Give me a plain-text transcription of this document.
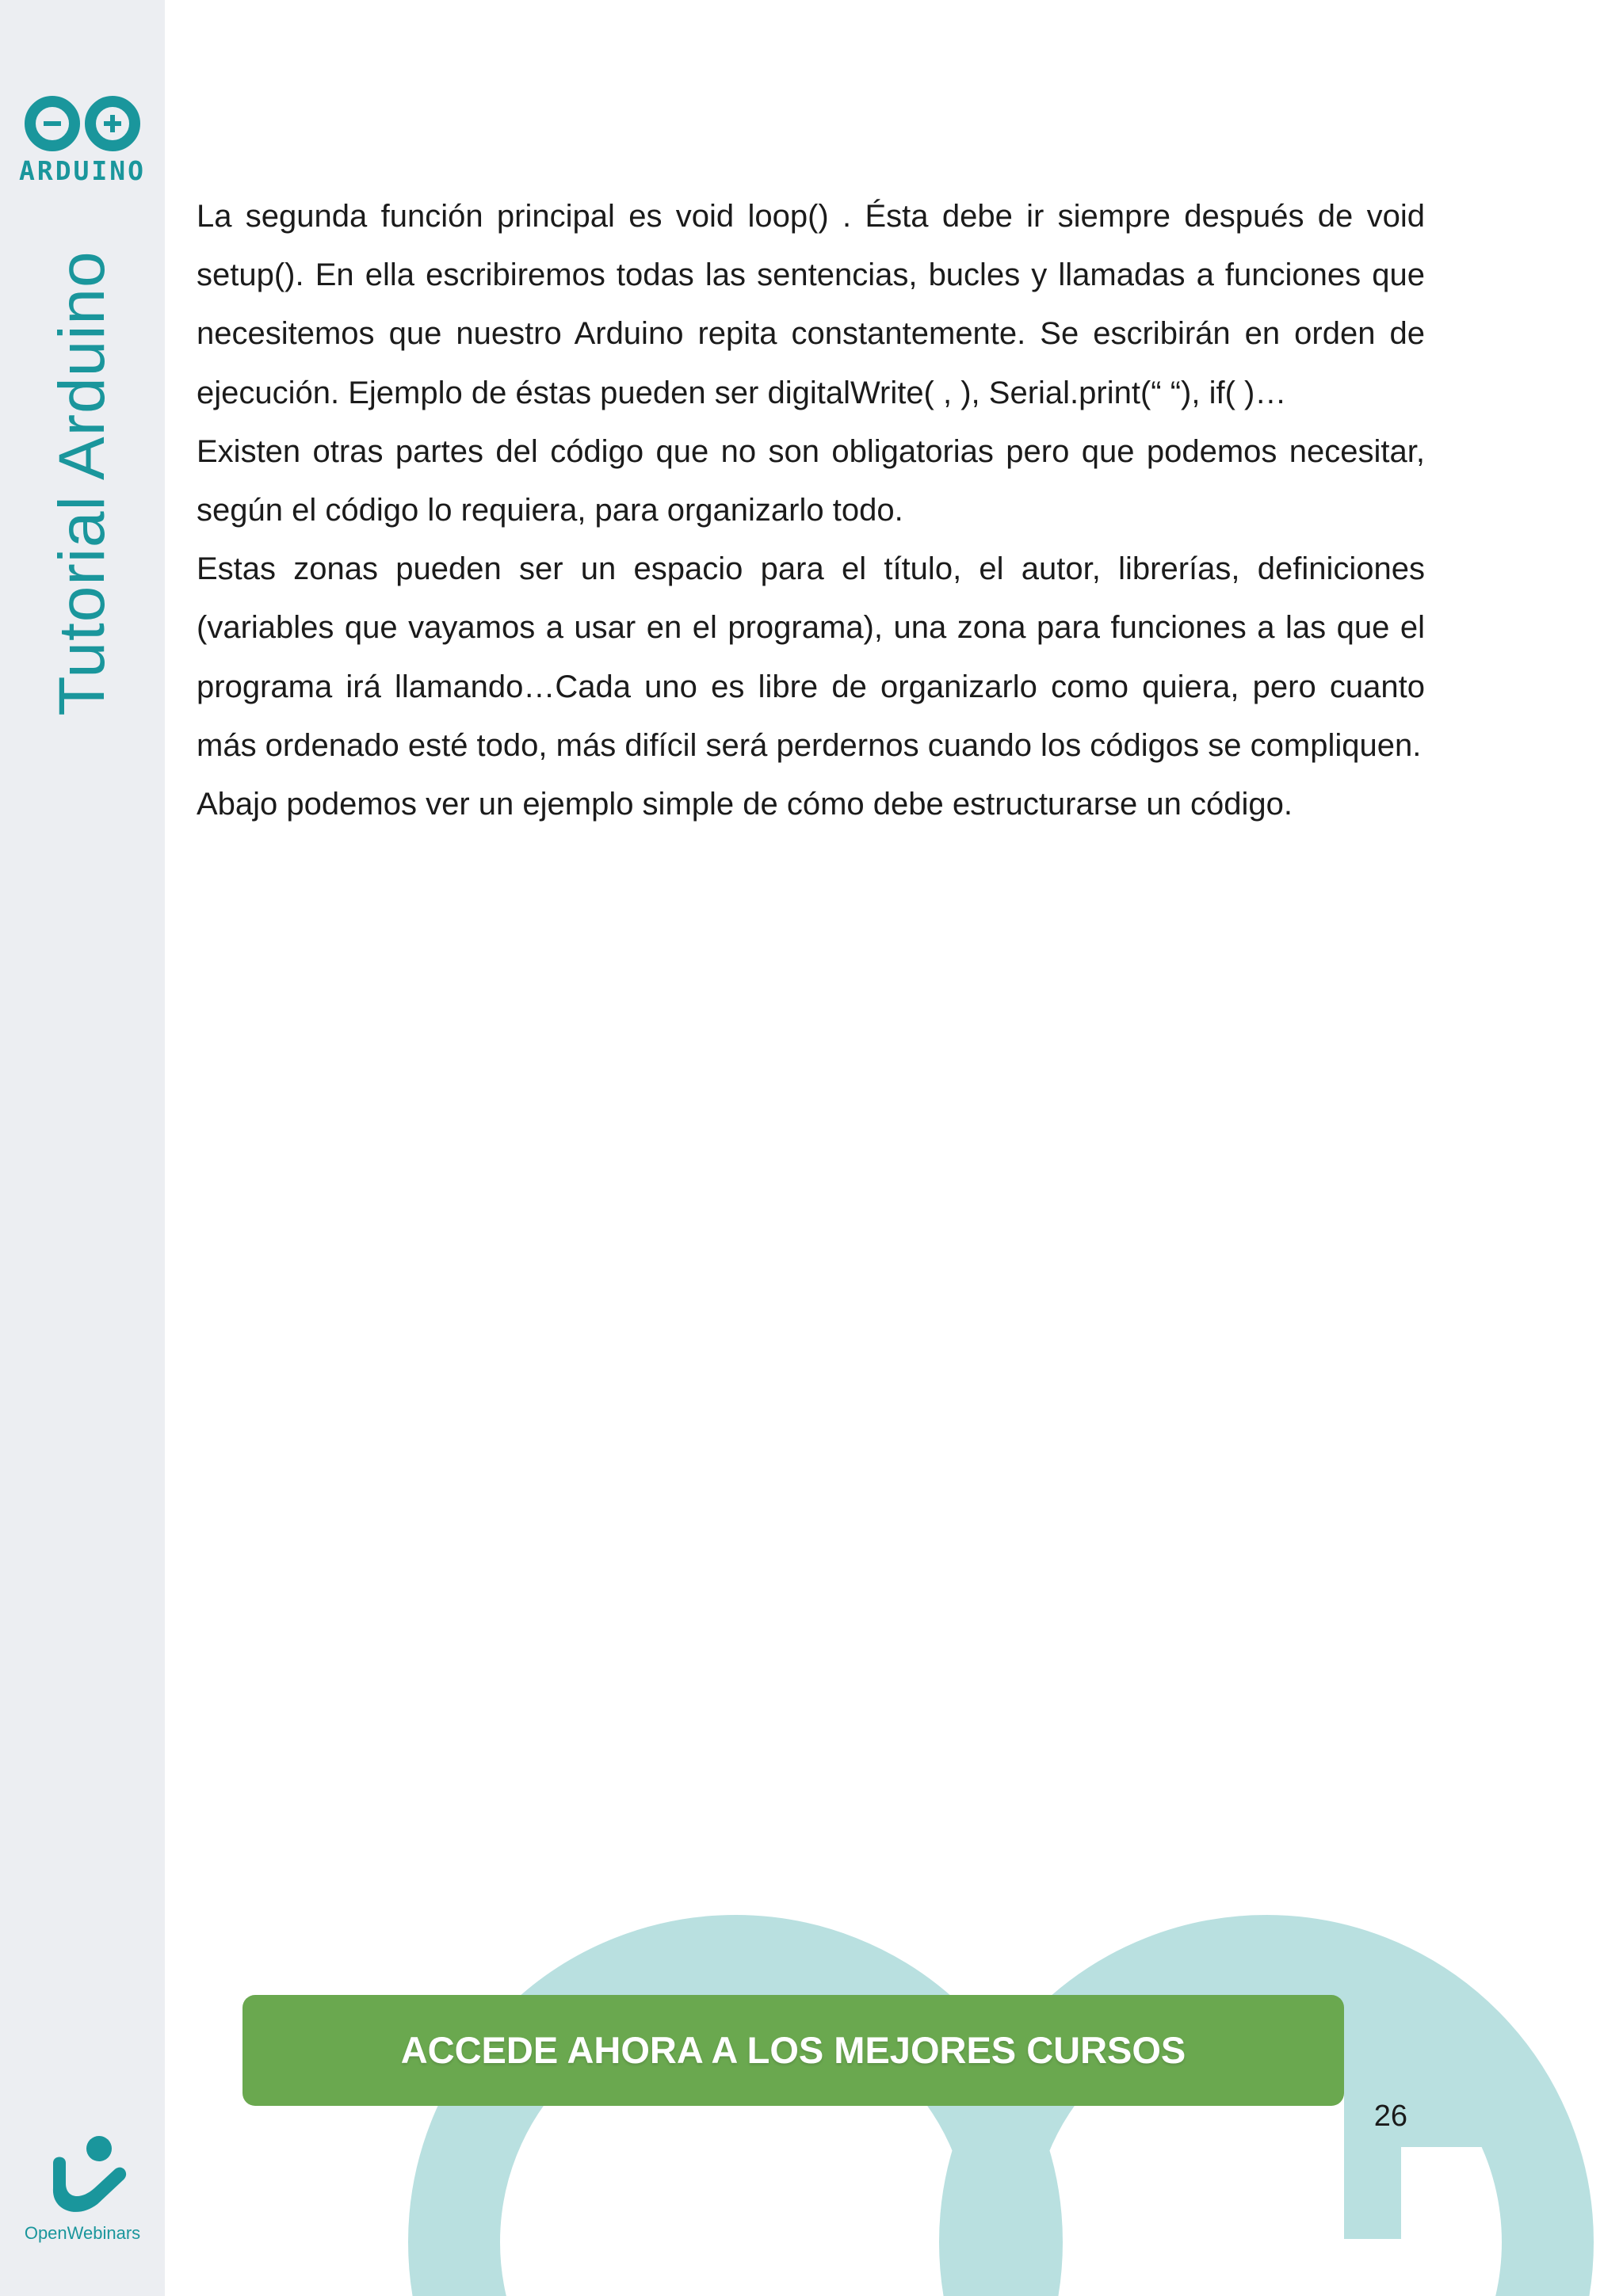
ARDUINO
Tutorial Arduino
OpenWebinars

La segunda función principal es void loop() . Ésta debe ir siempre después de void setup(). En ella escribiremos todas las sentencias, bucles y llamadas a funciones que necesitemos que nuestro Arduino repita constantemente. Se escribirán en orden de ejecución. Ejemplo de éstas pueden ser digitalWrite( , ), Serial.print(“ “), if( )…

Existen otras partes del código que no son obligatorias pero que podemos necesitar, según el código lo requiera, para organizarlo todo.

Estas zonas pueden ser un espacio para el título, el autor, librerías, definiciones (variables que vayamos a usar en el programa), una zona para funciones a las que el programa irá llamando…Cada uno es libre de organizarlo como quiera, pero cuanto más ordenado esté todo, más difícil será perdernos cuando los códigos se compliquen.

Abajo podemos ver un ejemplo simple de cómo debe estructurarse un código.

ACCEDE AHORA A LOS MEJORES CURSOS
26
